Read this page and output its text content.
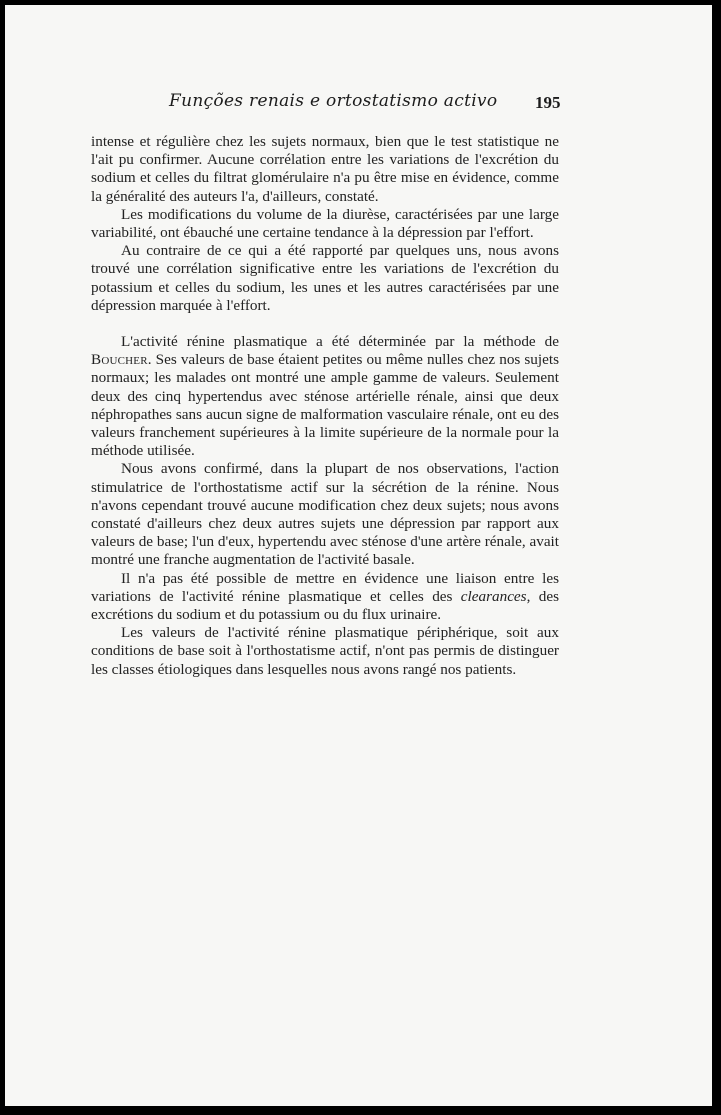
Funções renais e ortostatismo activo 195

intense et régulière chez les sujets normaux, bien que le test statistique ne l'ait pu confirmer. Aucune corrélation entre les variations de l'excrétion du sodium et celles du filtrat glomérulaire n'a pu être mise en évidence, comme la généralité des auteurs l'a, d'ailleurs, constaté.

Les modifications du volume de la diurèse, caractérisées par une large variabilité, ont ébauché une certaine tendance à la dépression par l'effort.

Au contraire de ce qui a été rapporté par quelques uns, nous avons trouvé une corrélation significative entre les variations de l'excrétion du potassium et celles du sodium, les unes et les autres caractérisées par une dépression marquée à l'effort.

L'activité rénine plasmatique a été déterminée par la méthode de Boucher. Ses valeurs de base étaient petites ou même nulles chez nos sujets normaux; les malades ont montré une ample gamme de valeurs. Seulement deux des cinq hypertendus avec sténose artérielle rénale, ainsi que deux néphropathes sans aucun signe de malformation vasculaire rénale, ont eu des valeurs franchement supérieures à la limite supérieure de la normale pour la méthode utilisée.

Nous avons confirmé, dans la plupart de nos observations, l'action stimulatrice de l'orthostatisme actif sur la sécrétion de la rénine. Nous n'avons cependant trouvé aucune modification chez deux sujets; nous avons constaté d'ailleurs chez deux autres sujets une dépression par rapport aux valeurs de base; l'un d'eux, hypertendu avec sténose d'une artère rénale, avait montré une franche augmentation de l'activité basale.

Il n'a pas été possible de mettre en évidence une liaison entre les variations de l'activité rénine plasmatique et celles des clearances, des excrétions du sodium et du potassium ou du flux urinaire.

Les valeurs de l'activité rénine plasmatique périphérique, soit aux conditions de base soit à l'orthostatisme actif, n'ont pas permis de distinguer les classes étiologiques dans lesquelles nous avons rangé nos patients.
